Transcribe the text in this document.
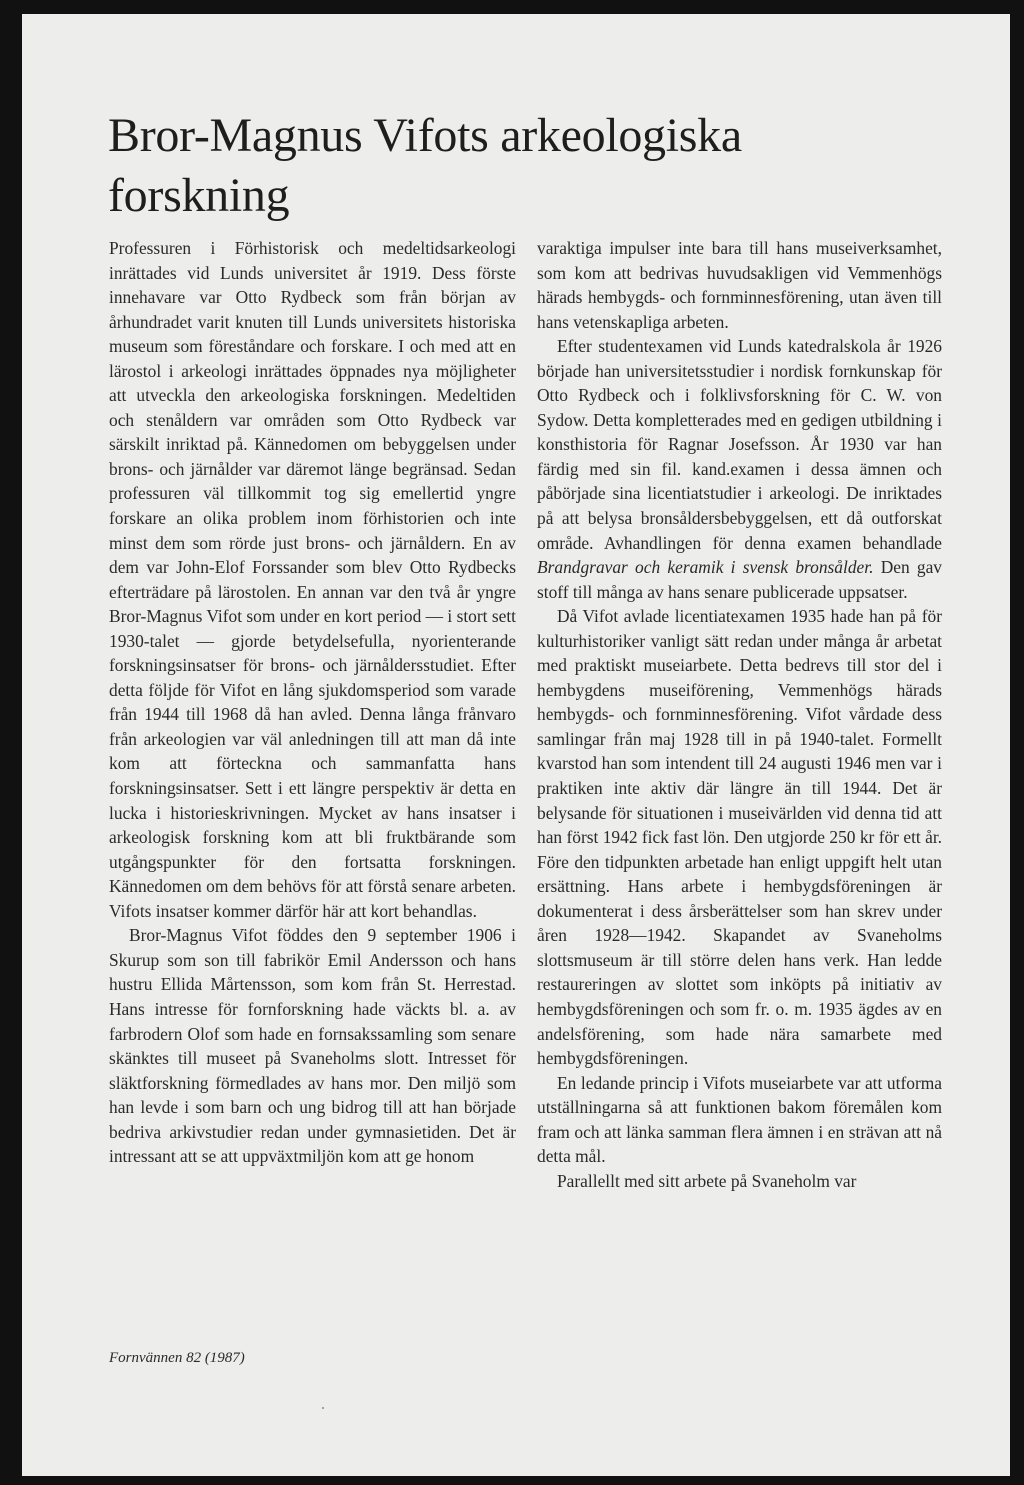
Bror-Magnus Vifots arkeologiska forskning

Professuren i Förhistorisk och medeltidsarkeologi inrättades vid Lunds universitet år 1919. Dess förste innehavare var Otto Rydbeck som från början av århundradet varit knuten till Lunds universitets historiska museum som föreståndare och forskare. I och med att en lärostol i arkeologi inrättades öppnades nya möjligheter att utveckla den arkeologiska forskningen. Medeltiden och stenåldern var områden som Otto Rydbeck var särskilt inriktad på. Kännedomen om bebyggelsen under brons- och järnålder var däremot länge begränsad. Sedan professuren väl tillkommit tog sig emellertid yngre forskare an olika problem inom förhistorien och inte minst dem som rörde just brons- och järnåldern. En av dem var John-Elof Forssander som blev Otto Rydbecks efterträdare på lärostolen. En annan var den två år yngre Bror-Magnus Vifot som under en kort period — i stort sett 1930-talet — gjorde betydelsefulla, nyorienterande forskningsinsatser för brons- och järnåldersstudiet. Efter detta följde för Vifot en lång sjukdomsperiod som varade från 1944 till 1968 då han avled. Denna långa frånvaro från arkeologien var väl anledningen till att man då inte kom att förteckna och sammanfatta hans forskningsinsatser. Sett i ett längre perspektiv är detta en lucka i historieskrivningen. Mycket av hans insatser i arkeologisk forskning kom att bli fruktbärande som utgångspunkter för den fortsatta forskningen. Kännedomen om dem behövs för att förstå senare arbeten. Vifots insatser kommer därför här att kort behandlas.

Bror-Magnus Vifot föddes den 9 september 1906 i Skurup som son till fabrikör Emil Andersson och hans hustru Ellida Mårtensson, som kom från St. Herrestad. Hans intresse för fornforskning hade väckts bl. a. av farbrodern Olof som hade en fornsakssamling som senare skänktes till museet på Svaneholms slott. Intresset för släktforskning förmedlades av hans mor. Den miljö som han levde i som barn och ung bidrog till att han började bedriva arkivstudier redan under gymnasietiden. Det är intressant att se att uppväxtmiljön kom att ge honom

varaktiga impulser inte bara till hans museiverksamhet, som kom att bedrivas huvudsakligen vid Vemmenhögs härads hembygds- och fornminnesförening, utan även till hans vetenskapliga arbeten.

Efter studentexamen vid Lunds katedralskola år 1926 började han universitetsstudier i nordisk fornkunskap för Otto Rydbeck och i folklivsforskning för C. W. von Sydow. Detta kompletterades med en gedigen utbildning i konsthistoria för Ragnar Josefsson. År 1930 var han färdig med sin fil. kand.examen i dessa ämnen och påbörjade sina licentiatstudier i arkeologi. De inriktades på att belysa bronsåldersbebyggelsen, ett då outforskat område. Avhandlingen för denna examen behandlade Brandgravar och keramik i svensk bronsålder. Den gav stoff till många av hans senare publicerade uppsatser.

Då Vifot avlade licentiatexamen 1935 hade han på för kulturhistoriker vanligt sätt redan under många år arbetat med praktiskt museiarbete. Detta bedrevs till stor del i hembygdens museiförening, Vemmenhögs härads hembygds- och fornminnesförening. Vifot vårdade dess samlingar från maj 1928 till in på 1940-talet. Formellt kvarstod han som intendent till 24 augusti 1946 men var i praktiken inte aktiv där längre än till 1944. Det är belysande för situationen i museivärlden vid denna tid att han först 1942 fick fast lön. Den utgjorde 250 kr för ett år. Före den tidpunkten arbetade han enligt uppgift helt utan ersättning. Hans arbete i hembygdsföreningen är dokumenterat i dess årsberättelser som han skrev under åren 1928—1942. Skapandet av Svaneholms slottsmuseum är till större delen hans verk. Han ledde restaureringen av slottet som inköpts på initiativ av hembygdsföreningen och som fr. o. m. 1935 ägdes av en andelsförening, som hade nära samarbete med hembygdsföreningen.

En ledande princip i Vifots museiarbete var att utforma utställningarna så att funktionen bakom föremålen kom fram och att länka samman flera ämnen i en strävan att nå detta mål.

Parallellt med sitt arbete på Svaneholm var

Fornvännen 82 (1987)
